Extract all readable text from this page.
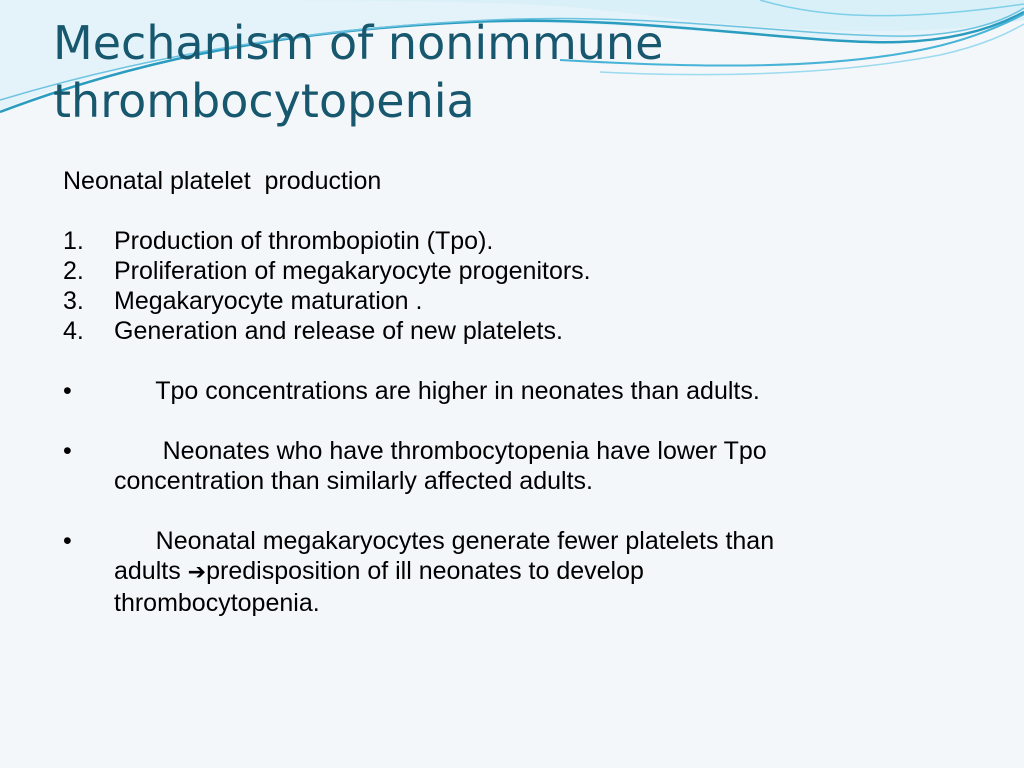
Mechanism of nonimmune
thrombocytopenia
Neonatal platelet  production
1.	Production of thrombopiotin (Tpo).
2.	Proliferation of megakaryocyte progenitors.
3.	Megakaryocyte maturation .
4.	Generation and release of new platelets.
•	Tpo concentrations are higher in neonates than adults.
•	Neonates who have thrombocytopenia have lower Tpo
concentration than similarly affected adults.
•	Neonatal megakaryocytes generate fewer platelets than
adults ➔predisposition of ill neonates to develop
thrombocytopenia.
